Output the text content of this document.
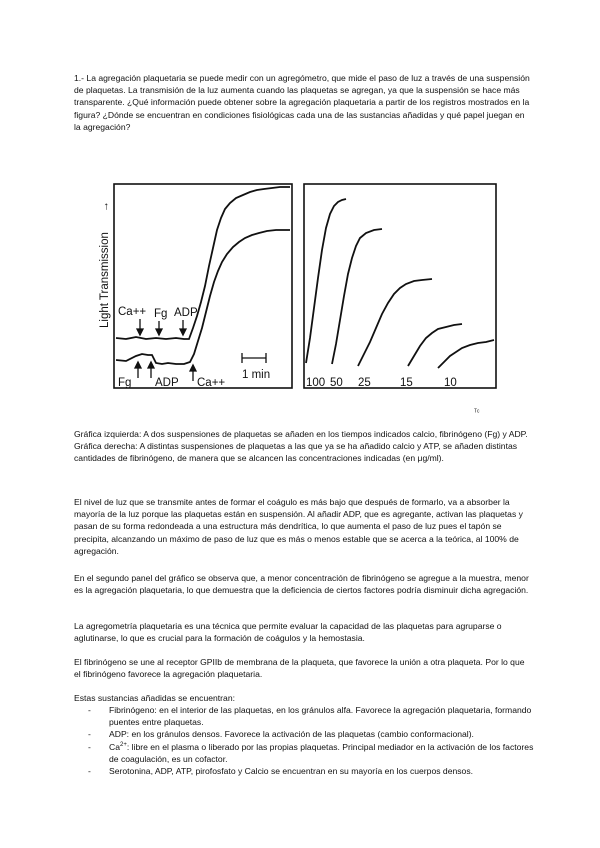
1.- La agregación plaquetaria se puede medir con un agregómetro, que mide el paso de luz a través de una suspensión de plaquetas. La transmisión de la luz aumenta cuando las plaquetas se agregan, ya que la suspensión se hace más transparente. ¿Qué información puede obtener sobre la agregación plaquetaria a partir de los registros mostrados en la figura? ¿Dónde se encuentran en condiciones fisiológicas cada una de las sustancias añadidas y qué papel juegan en la agregación?

Light Transmission
→
Ca++ Fg ADP
Fg ADP Ca++
1 min
100 50 25	15	10
ᵀᶜ

Gráfica izquierda: A dos suspensiones de plaquetas se añaden en los tiempos indicados calcio, fibrinógeno (Fg) y ADP.
Gráfica derecha: A distintas suspensiones de plaquetas a las que ya se ha añadido calcio y ATP, se añaden distintas cantidades de fibrinógeno, de manera que se alcancen las concentraciones indicadas (en μg/ml).

El nivel de luz que se transmite antes de formar el coágulo es más bajo que después de formarlo, va a absorber la mayoría de la luz porque las plaquetas están en suspensión. Al añadir ADP, que es agregante, activan las plaquetas y pasan de su forma redondeada a una estructura más dendrítica, lo que aumenta el paso de luz pues el tapón se precipita, alcanzando un máximo de paso de luz que es más o menos estable que se acerca a la teórica, al 100% de agregación.

En el segundo panel del gráfico se observa que, a menor concentración de fibrinógeno se agregue a la muestra, menor es la agregación plaquetaria, lo que demuestra que la deficiencia de ciertos factores podría disminuir dicha agregación.

La agregometría plaquetaria es una técnica que permite evaluar la capacidad de las plaquetas para agruparse o aglutinarse, lo que es crucial para la formación de coágulos y la hemostasia.

El fibrinógeno se une al receptor GPIIb de membrana de la plaqueta, que favorece la unión a otra plaqueta. Por lo que el fibrinógeno favorece la agregación plaquetaria.

Estas sustancias añadidas se encuentran:

- Fibrinógeno: en el interior de las plaquetas, en los gránulos alfa. Favorece la agregación plaquetaria, formando puentes entre plaquetas.
- ADP: en los gránulos densos. Favorece la activación de las plaquetas (cambio conformacional).
- $Ca^{2+}$: libre en el plasma o liberado por las propias plaquetas. Principal mediador en la activación de los factores de coagulación, es un cofactor.
- Serotonina, ADP, ATP, pirofosfato y Calcio se encuentran en su mayoría en los cuerpos densos.
